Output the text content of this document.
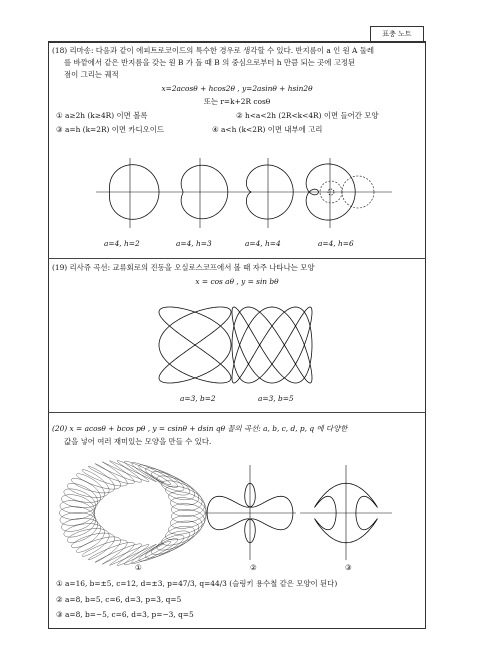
표충 노트
(18) 리마송: 다음과 같이 에피트로코이드의 특수한 경우로 생각할 수 있다. 반지름이 a 인 원 A 둘레
를 바깥에서 같은 반지름을 갖는 원 B 가 돌 때 B 의 중심으로부터 h 만큼 되는 곳에 고정된
점이 그리는 궤적
x=2acosθ + hcos2θ , y=2asinθ + hsin2θ
또는 r=k+2R cosθ
① a≥2h (k≥4R) 이면 볼록	② h<a<2h (2R<k<4R) 이면 들어간 모양
③ a=h (k=2R) 이면 카디오이드	④ a<h (k<2R) 이면 내부에 고리
a=4, h=2	a=4, h=3	a=4, h=4	a=4, h=6
(19) 리사쥬 곡선: 교류회로의 진동을 오실로스코프에서 볼 때 자주 나타나는 모양
x = cos aθ , y = sin bθ
a=3, b=2	a=3, b=5
(20) x = acosθ + bcos pθ , y = csinθ + dsin qθ 꼴의 곡선: a, b, c, d, p, q 에 다양한
값을 넣어 여러 재미있는 모양을 만들 수 있다.
①	②	③
① a=16, b=±5, c=12, d=±3, p=47/3, q=44/3 (슬링키 용수철 같은 모양이 된다)
② a=8, b=5, c=6, d=3, p=3, q=5
③ a=8, b=−5, c=6, d=3, p=−3, q=5
